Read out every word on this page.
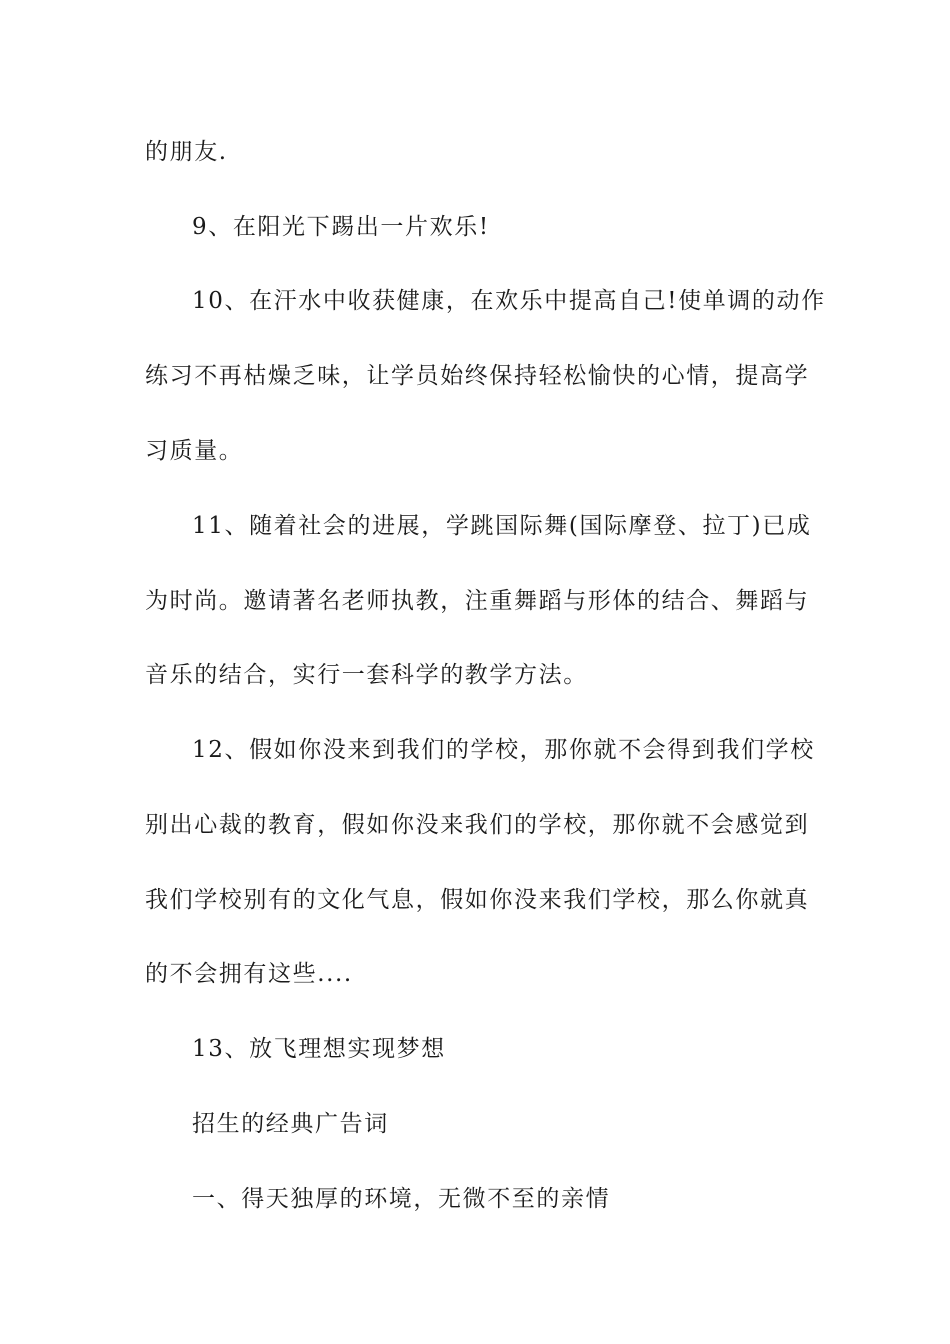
的朋友.
9、在阳光下踢出一片欢乐!
10、在汗水中收获健康，在欢乐中提高自己!使单调的动作
练习不再枯燥乏味，让学员始终保持轻松愉快的心情，提高学
习质量。
11、随着社会的进展，学跳国际舞(国际摩登、拉丁)已成
为时尚。邀请著名老师执教，注重舞蹈与形体的结合、舞蹈与
音乐的结合，实行一套科学的教学方法。
12、假如你没来到我们的学校，那你就不会得到我们学校
别出心裁的教育，假如你没来我们的学校，那你就不会感觉到
我们学校别有的文化气息，假如你没来我们学校，那么你就真
的不会拥有这些....
13、放飞理想实现梦想
招生的经典广告词
一、得天独厚的环境，无微不至的亲情
